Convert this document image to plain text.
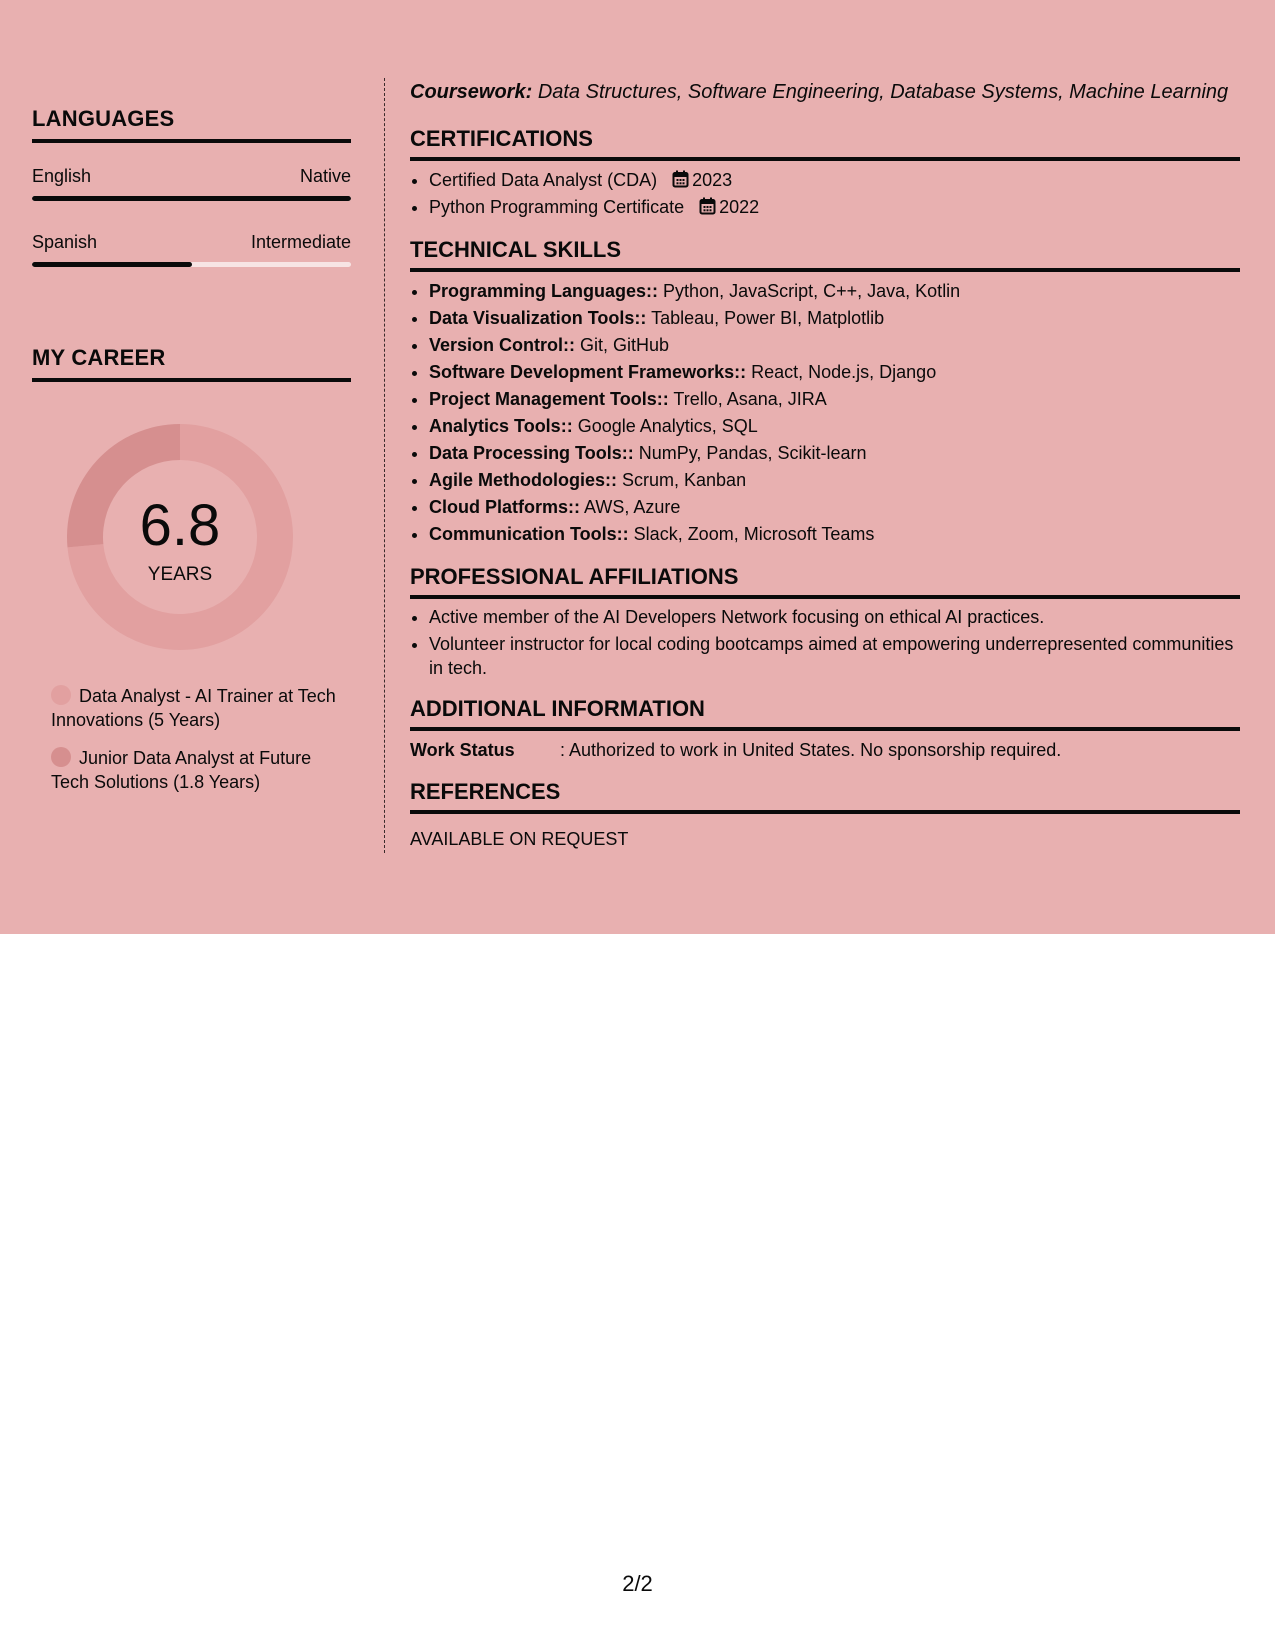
LANGUAGES
English	Native
Spanish	Intermediate
MY CAREER
6.8
YEARS
Data Analyst - AI Trainer at Tech Innovations (5 Years)
Junior Data Analyst at Future Tech Solutions (1.8 Years)

Coursework: Data Structures, Software Engineering, Database Systems, Machine Learning

CERTIFICATIONS
• Certified Data Analyst (CDA) 2023
• Python Programming Certificate 2022
TECHNICAL SKILLS
• Programming Languages:: Python, JavaScript, C++, Java, Kotlin
• Data Visualization Tools:: Tableau, Power BI, Matplotlib
• Version Control:: Git, GitHub
• Software Development Frameworks:: React, Node.js, Django
• Project Management Tools:: Trello, Asana, JIRA
• Analytics Tools:: Google Analytics, SQL
• Data Processing Tools:: NumPy, Pandas, Scikit-learn
• Agile Methodologies:: Scrum, Kanban
• Cloud Platforms:: AWS, Azure
• Communication Tools:: Slack, Zoom, Microsoft Teams
PROFESSIONAL AFFILIATIONS
• Active member of the AI Developers Network focusing on ethical AI practices.
• Volunteer instructor for local coding bootcamps aimed at empowering underrepresented communities in tech.
ADDITIONAL INFORMATION
Work Status	: Authorized to work in United States. No sponsorship required.
REFERENCES
AVAILABLE ON REQUEST
2/2
